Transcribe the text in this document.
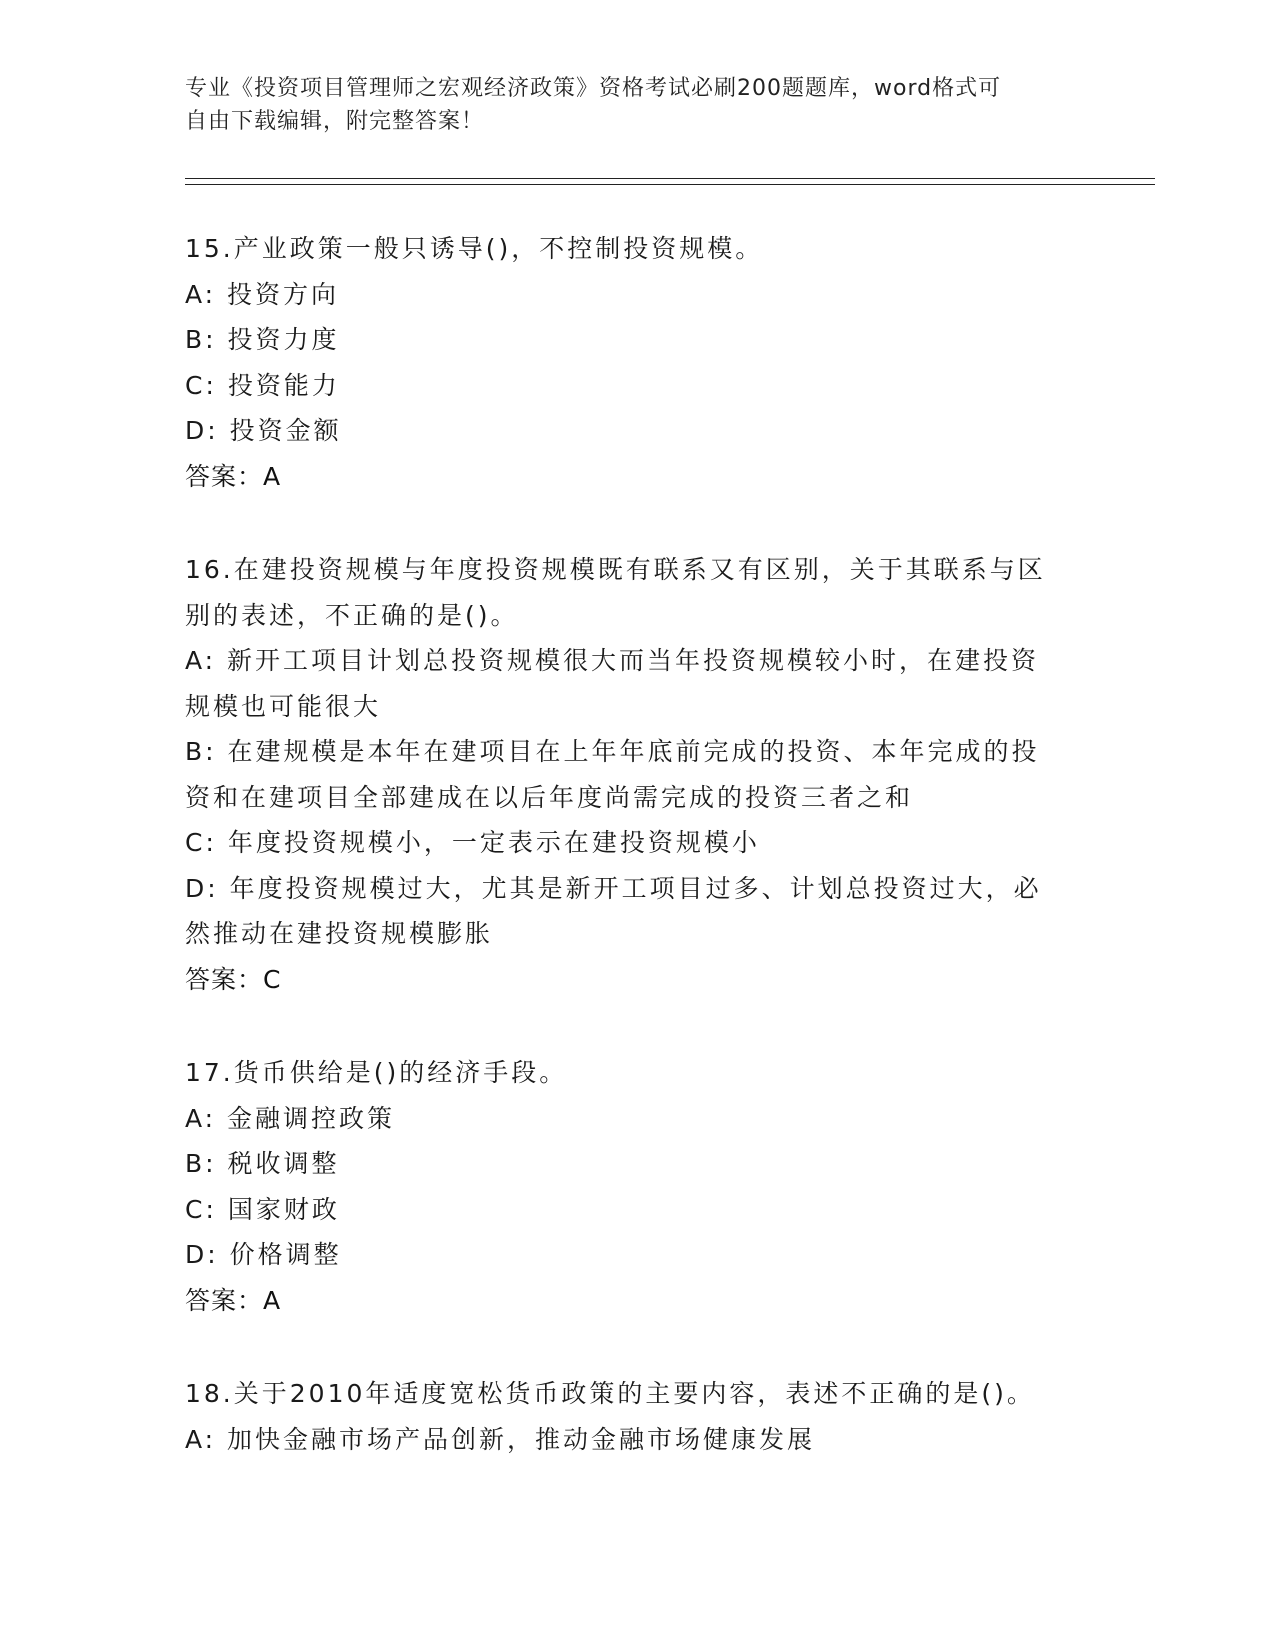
专业《投资项目管理师之宏观经济政策》资格考试必刷200题题库，word格式可
自由下载编辑，附完整答案！
15.产业政策一般只诱导()，不控制投资规模。
A: 投资方向
B: 投资力度
C: 投资能力
D: 投资金额
答案：A
16.在建投资规模与年度投资规模既有联系又有区别，关于其联系与区
别的表述，不正确的是()。
A: 新开工项目计划总投资规模很大而当年投资规模较小时，在建投资
规模也可能很大
B: 在建规模是本年在建项目在上年年底前完成的投资、本年完成的投
资和在建项目全部建成在以后年度尚需完成的投资三者之和
C: 年度投资规模小，一定表示在建投资规模小
D: 年度投资规模过大，尤其是新开工项目过多、计划总投资过大，必
然推动在建投资规模膨胀
答案：C
17.货币供给是()的经济手段。
A: 金融调控政策
B: 税收调整
C: 国家财政
D: 价格调整
答案：A
18.关于2010年适度宽松货币政策的主要内容，表述不正确的是()。
A: 加快金融市场产品创新，推动金融市场健康发展
